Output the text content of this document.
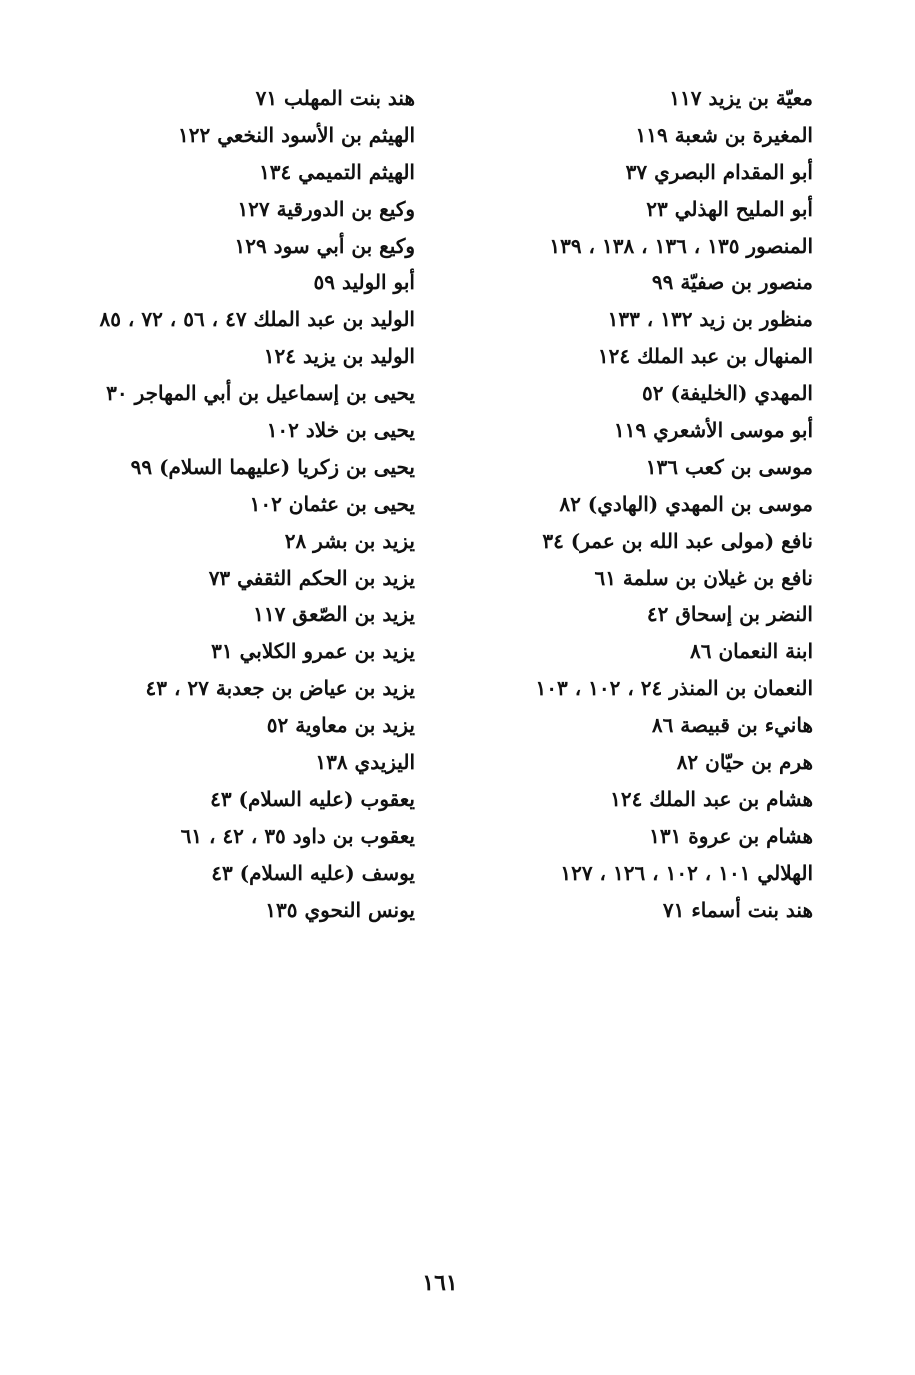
معيّة بن يزيد ١١٧
المغيرة بن شعبة ١١٩
أبو المقدام البصري ٣٧
أبو المليح الهذلي ٢٣
المنصور ١٣٥ ، ١٣٦ ، ١٣٨ ، ١٣٩
منصور بن صفيّة ٩٩
منظور بن زيد ١٣٢ ، ١٣٣
المنهال بن عبد الملك ١٢٤
المهدي (الخليفة) ٥٢
أبو موسى الأشعري ١١٩
موسى بن كعب ١٣٦
موسى بن المهدي (الهادي) ٨٢
نافع (مولى عبد الله بن عمر) ٣٤
نافع بن غيلان بن سلمة ٦١
النضر بن إسحاق ٤٢
ابنة النعمان ٨٦
النعمان بن المنذر ٢٤ ، ١٠٢ ، ١٠٣
هانيء بن قبيصة ٨٦
هرم بن حيّان ٨٢
هشام بن عبد الملك ١٢٤
هشام بن عروة ١٣١
الهلالي ١٠١ ، ١٠٢ ، ١٢٦ ، ١٢٧
هند بنت أسماء ٧١
هند بنت المهلب ٧١
الهيثم بن الأسود النخعي ١٢٢
الهيثم التميمي ١٣٤
وكيع بن الدورقية ١٢٧
وكيع بن أبي سود ١٢٩
أبو الوليد ٥٩
الوليد بن عبد الملك ٤٧ ، ٥٦ ، ٧٢ ، ٨٥
الوليد بن يزيد ١٢٤
يحيى بن إسماعيل بن أبي المهاجر ٣٠
يحيى بن خلاد ١٠٢
يحيى بن زكريا (عليهما السلام) ٩٩
يحيى بن عثمان ١٠٢
يزيد بن بشر ٢٨
يزيد بن الحكم الثقفي ٧٣
يزيد بن الصّعق ١١٧
يزيد بن عمرو الكلابي ٣١
يزيد بن عياض بن جعدبة ٢٧ ، ٤٣
يزيد بن معاوية ٥٢
اليزيدي ١٣٨
يعقوب (عليه السلام) ٤٣
يعقوب بن داود ٣٥ ، ٤٢ ، ٦١
يوسف (عليه السلام) ٤٣
يونس النحوي ١٣٥
١٦١
